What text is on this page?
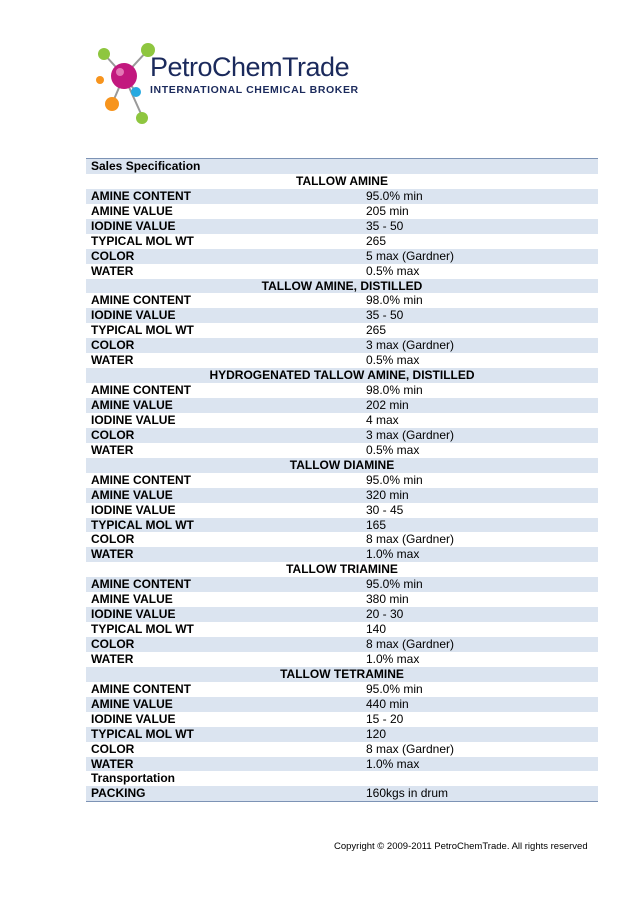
PetroChemTrade
INTERNATIONAL CHEMICAL BROKER
Sales Specification
TALLOW AMINE
AMINE CONTENT	95.0% min
AMINE VALUE	205 min
IODINE VALUE	35 - 50
TYPICAL MOL WT	265
COLOR	5 max (Gardner)
WATER	0.5% max
TALLOW AMINE, DISTILLED
AMINE CONTENT	98.0% min
IODINE VALUE	35 - 50
TYPICAL MOL WT	265
COLOR	3 max (Gardner)
WATER	0.5% max
HYDROGENATED TALLOW AMINE, DISTILLED
AMINE CONTENT	98.0% min
AMINE VALUE	202 min
IODINE VALUE	4 max
COLOR	3 max (Gardner)
WATER	0.5% max
TALLOW DIAMINE
AMINE CONTENT	95.0% min
AMINE VALUE	320 min
IODINE VALUE	30 - 45
TYPICAL MOL WT	165
COLOR	8 max (Gardner)
WATER	1.0% max
TALLOW TRIAMINE
AMINE CONTENT	95.0% min
AMINE VALUE	380 min
IODINE VALUE	20 - 30
TYPICAL MOL WT	140
COLOR	8 max (Gardner)
WATER	1.0% max
TALLOW TETRAMINE
AMINE CONTENT	95.0% min
AMINE VALUE	440 min
IODINE VALUE	15 - 20
TYPICAL MOL WT	120
COLOR	8 max (Gardner)
WATER	1.0% max
Transportation
PACKING	160kgs in drum
Copyright © 2009-2011 PetroChemTrade. All rights reserved
